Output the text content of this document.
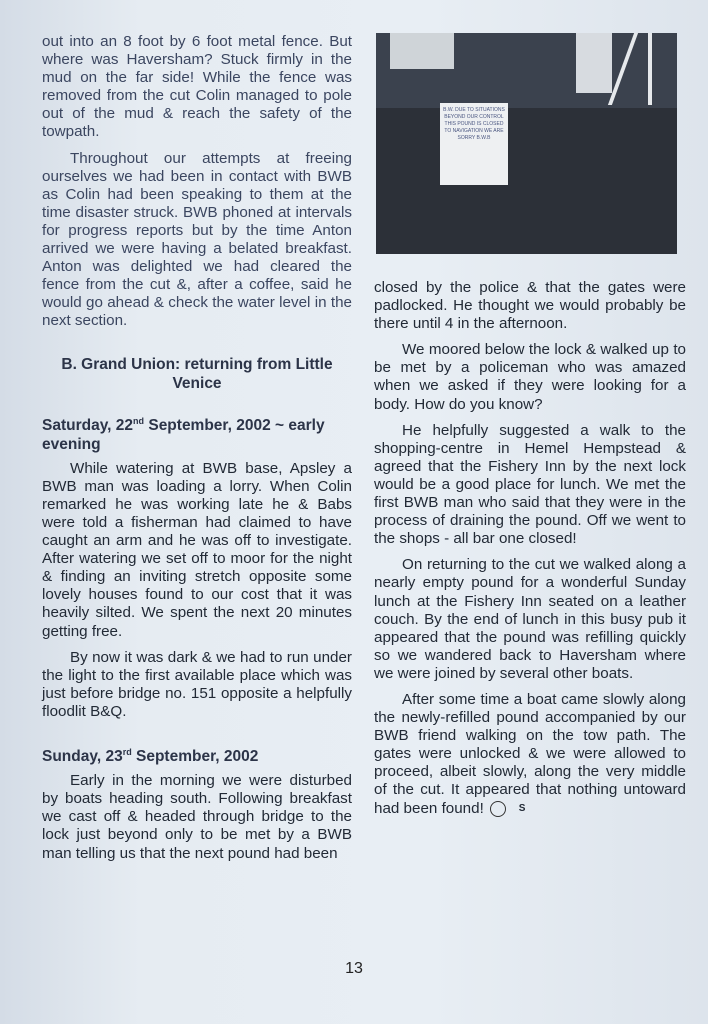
out into an 8 foot by 6 foot metal fence. But where was Haversham? Stuck firmly in the mud on the far side! While the fence was removed from the cut Colin managed to pole out of the mud & reach the safety of the towpath.

Throughout our attempts at freeing ourselves we had been in contact with BWB as Colin had been speaking to them at the time disaster struck. BWB phoned at intervals for progress reports but by the time Anton arrived we were having a belated breakfast. Anton was delighted we had cleared the fence from the cut &, after a coffee, said he would go ahead & check the water level in the next section.

B. Grand Union: returning from Little Venice
Saturday, 22nd September, 2002 ~ early evening

While watering at BWB base, Apsley a BWB man was loading a lorry. When Colin remarked he was working late he & Babs were told a fisherman had claimed to have caught an arm and he was off to investigate. After watering we set off to moor for the night & finding an inviting stretch opposite some lovely houses found to our cost that it was heavily silted. We spent the next 20 minutes getting free.

By now it was dark & we had to run under the light to the first available place which was just before bridge no. 151 opposite a helpfully floodlit B&Q.

Sunday, 23rd September, 2002

Early in the morning we were disturbed by boats heading south. Following breakfast we cast off & headed through bridge to the lock just beyond only to be met by a BWB man telling us that the next pound had been

B.W. DUE TO SITUATIONS BEYOND OUR CONTROL THIS POUND IS CLOSED TO NAVIGATION WE ARE SORRY B.W.B

closed by the police & that the gates were padlocked. He thought we would probably be there until 4 in the afternoon.

We moored below the lock & walked up to be met by a policeman who was amazed when we asked if they were looking for a body. How do you know?

He helpfully suggested a walk to the shopping-centre in Hemel Hempstead & agreed that the Fishery Inn by the next lock would be a good place for lunch. We met the first BWB man who said that they were in the process of draining the pound. Off we went to the shops - all bar one closed!

On returning to the cut we walked along a nearly empty pound for a wonderful Sunday lunch at the Fishery Inn seated on a leather couch. By the end of lunch in this busy pub it appeared that the pound was refilling quickly so we wandered back to Haversham where we were joined by several other boats.

After some time a boat came slowly along the newly-refilled pound accompanied by our BWB friend walking on the tow path. The gates were unlocked & we were allowed to proceed, albeit slowly, along the very middle of the cut. It appeared that nothing untoward had been found!	S

13
